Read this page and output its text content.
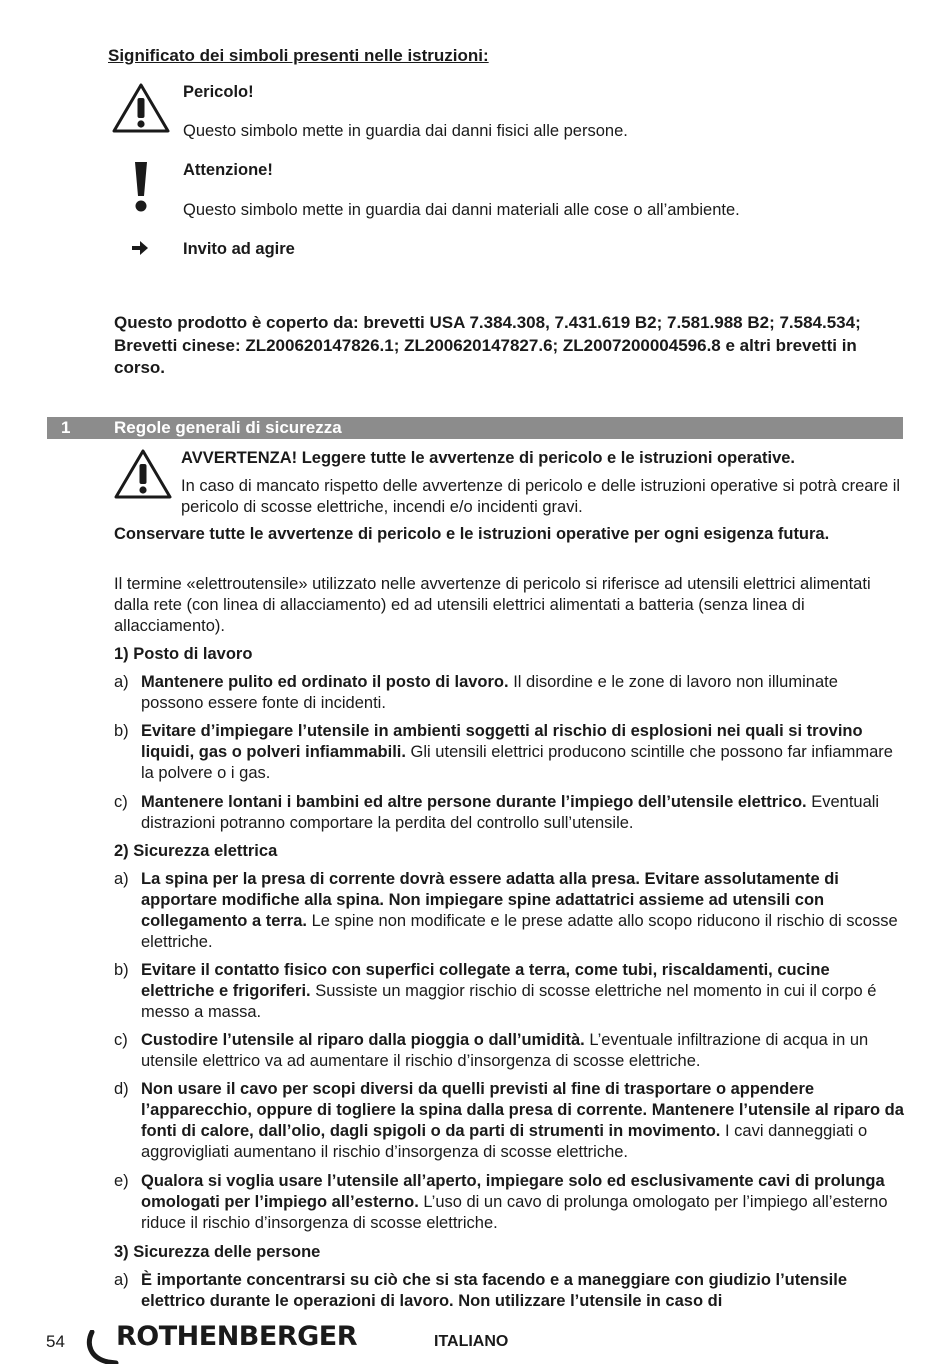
Significato dei simboli presenti nelle istruzioni:
Pericolo!
Questo simbolo mette in guardia dai danni fisici alle persone.
Attenzione!
Questo simbolo mette in guardia dai danni materiali alle cose o all’ambiente.
Invito ad agire
Questo prodotto è coperto da: brevetti USA 7.384.308, 7.431.619 B2; 7.581.988 B2; 7.584.534; Brevetti cinese: ZL200620147826.1; ZL200620147827.6; ZL2007200004596.8 e altri brevetti in corso.
1	Regole generali di sicurezza
AVVERTENZA! Leggere tutte le avvertenze di pericolo e le istruzioni operative.
In caso di mancato rispetto delle avvertenze di pericolo e delle istruzioni operative si potrà creare il pericolo di scosse elettriche, incendi e/o incidenti gravi.
Conservare tutte le avvertenze di pericolo e le istruzioni operative per ogni esigenza futura.
Il termine «elettroutensile» utilizzato nelle avvertenze di pericolo si riferisce ad utensili elettrici alimentati dalla rete (con linea di allacciamento) ed ad utensili elettrici alimentati a batteria (senza linea di allacciamento).
1) Posto di lavoro
a) Mantenere pulito ed ordinato il posto di lavoro. Il disordine e le zone di lavoro non illuminate possono essere fonte di incidenti.
b) Evitare d’impiegare l’utensile in ambienti soggetti al rischio di esplosioni nei quali si trovino liquidi, gas o polveri infiammabili. Gli utensili elettrici producono scintille che possono far infiammare la polvere o i gas.
c) Mantenere lontani i bambini ed altre persone durante l’impiego dell’utensile elettrico. Eventuali distrazioni potranno comportare la perdita del controllo sull’utensile.
2) Sicurezza elettrica
a) La spina per la presa di corrente dovrà essere adatta alla presa. Evitare assolutamente di apportare modifiche alla spina. Non impiegare spine adattatrici assieme ad utensili con collegamento a terra. Le spine non modificate e le prese adatte allo scopo riducono il rischio di scosse elettriche.
b) Evitare il contatto fisico con superfici collegate a terra, come tubi, riscaldamenti, cucine elettriche e frigoriferi. Sussiste un maggior rischio di scosse elettriche nel momento in cui il corpo é messo a massa.
c) Custodire l’utensile al riparo dalla pioggia o dall’umidità. L’eventuale infiltrazione di acqua in un utensile elettrico va ad aumentare il rischio d’insorgenza di scosse elettriche.
d) Non usare il cavo per scopi diversi da quelli previsti al fine di trasportare o appendere l’apparecchio, oppure di togliere la spina dalla presa di corrente. Mantenere l’utensile al riparo da fonti di calore, dall’olio, dagli spigoli o da parti di strumenti in movimento. I cavi danneggiati o aggrovigliati aumentano il rischio d’insorgenza di scosse elettriche.
e) Qualora si voglia usare l’utensile all’aperto, impiegare solo ed esclusivamente cavi di prolunga omologati per l’impiego all’esterno. L’uso di un cavo di prolunga omologato per l’impiego all’esterno riduce il rischio d’insorgenza di scosse elettriche.
3) Sicurezza delle persone
a) È importante concentrarsi su ciò che si sta facendo e a maneggiare con giudizio l’utensile elettrico durante le operazioni di lavoro. Non utilizzare l’utensile in caso di
54 ROTHENBERGER	ITALIANO
